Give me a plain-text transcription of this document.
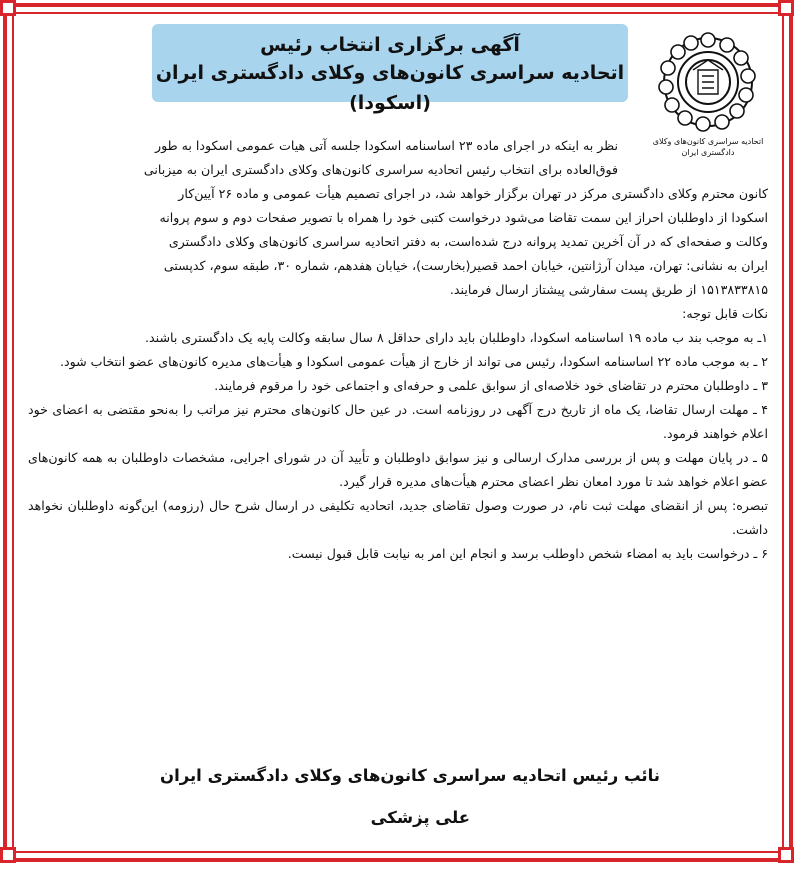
آگهی برگزاری انتخاب رئیس
اتحادیه سراسری کانون‌های وکلای دادگستری ایران (اسکودا)
اتحادیه سراسری کانون‌های وکلای دادگستری ایران

نظر به اینکه در اجرای ماده ۲۳ اساسنامه اسکودا جلسه آتی هیات عمومی اسکودا به طور
فوق‌العاده برای انتخاب رئیس اتحادیه سراسری کانون‌های وکلای دادگستری ایران به میزبانی
کانون محترم وکلای دادگستری مرکز در تهران برگزار خواهد شد، در اجرای تصمیم هیأت عمومی و ماده ۲۶ آیین‌کار
اسکودا از داوطلبان احراز این سمت تقاضا می‌شود درخواست کتبی خود را همراه با تصویر صفحات دوم و سوم پروانه
وکالت و صفحه‌ای که در آن آخرین تمدید پروانه درج شده‌است، به دفتر اتحادیه سراسری کانون‌های وکلای دادگستری
ایران به نشانی: تهران، میدان آرژانتین، خیابان احمد قصیر(بخارست)، خیابان هفدهم، شماره ۳۰، طبقه سوم، کدپستی
۱۵۱۳۸۳۳۸۱۵ از طریق پست سفارشی پیشتاز ارسال فرمایند.

نکات قابل توجه:

۱ـ به موجب بند ب ماده ۱۹ اساسنامه اسکودا، داوطلبان باید دارای حداقل ۸ سال سابقه وکالت پایه یک دادگستری باشند.

۲ ـ به موجب ماده ۲۲ اساسنامه اسکودا، رئیس می تواند از خارج از هیأت عمومی اسکودا و هیأت‌های مدیره کانون‌های عضو انتخاب شود.

۳ ـ داوطلبان محترم در تقاضای خود خلاصه‌ای از سوابق علمی و حرفه‌ای و اجتماعی خود را مرقوم فرمایند.

۴ ـ مهلت ارسال تقاضا، یک ماه از تاریخ درج آگهی در روزنامه است. در عین حال کانون‌های محترم نیز مراتب را به‌نحو مقتضی به اعضای خود اعلام خواهند فرمود.

۵ ـ در پایان مهلت و پس از بررسی مدارک ارسالی و نیز سوابق داوطلبان و تأیید آن در شورای اجرایی، مشخصات داوطلبان به همه کانون‌های عضو اعلام خواهد شد تا مورد امعان نظر اعضای محترم هیأت‌های مدیره قرار گیرد.

تبصره: پس از انقضای مهلت ثبت نام، در صورت وصول تقاضای جدید، اتحادیه تکلیفی در ارسال شرح حال (رزومه) این‌گونه داوطلبان نخواهد داشت.

۶ ـ درخواست باید به امضاء شخص داوطلب برسد و انجام این امر به نیابت قابل قبول نیست.

نائب رئیس اتحادیه سراسری کانون‌های وکلای دادگستری ایران
علی پزشکی
